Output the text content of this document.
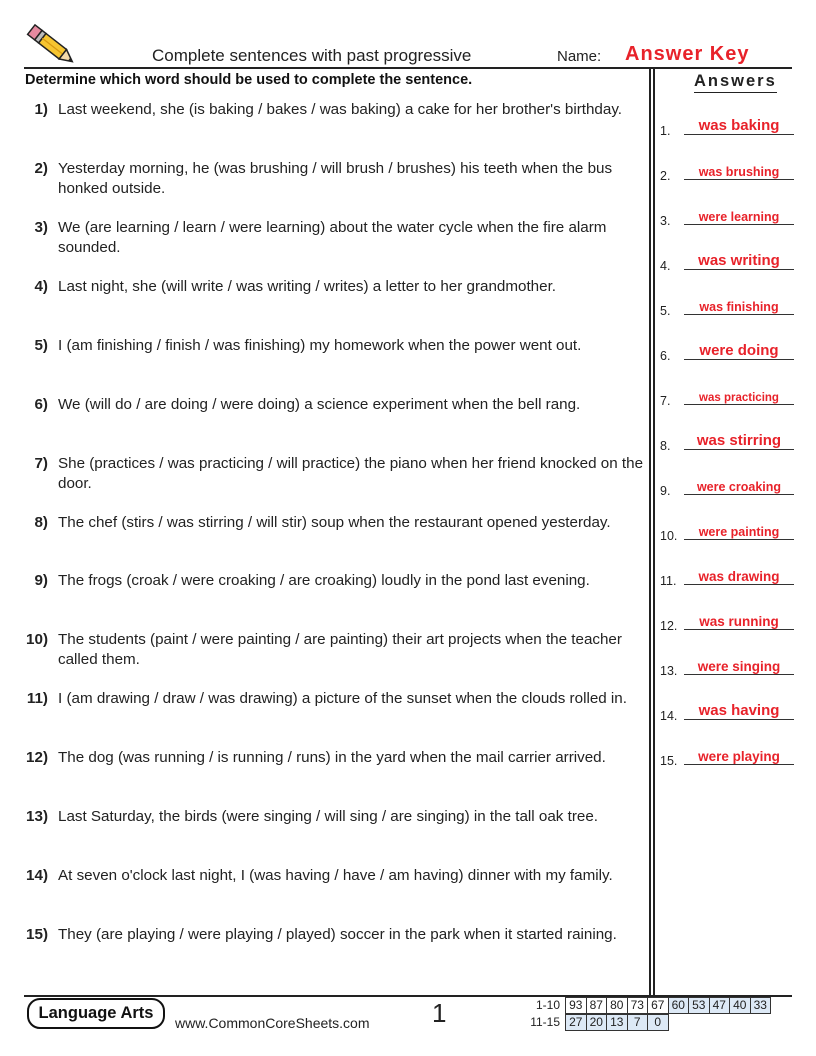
Complete sentences with past progressive	Name: Answer Key
Determine which word should be used to complete the sentence.	Answers
1) Last weekend, she (is baking / bakes / was baking) a cake for her brother's birthday.
2) Yesterday morning, he (was brushing / will brush / brushes) his teeth when the bus honked outside.
3) We (are learning / learn / were learning) about the water cycle when the fire alarm sounded.
4) Last night, she (will write / was writing / writes) a letter to her grandmother.
5) I (am finishing / finish / was finishing) my homework when the power went out.
6) We (will do / are doing / were doing) a science experiment when the bell rang.
7) She (practices / was practicing / will practice) the piano when her friend knocked on the door.
8) The chef (stirs / was stirring / will stir) soup when the restaurant opened yesterday.
9) The frogs (croak / were croaking / are croaking) loudly in the pond last evening.
10) The students (paint / were painting / are painting) their art projects when the teacher called them.
11) I (am drawing / draw / was drawing) a picture of the sunset when the clouds rolled in.
12) The dog (was running / is running / runs) in the yard when the mail carrier arrived.
13) Last Saturday, the birds (were singing / will sing / are singing) in the tall oak tree.
14) At seven o'clock last night, I (was having / have / am having) dinner with my family.
15) They (are playing / were playing / played) soccer in the park when it started raining.
1.	was baking
2.	was brushing
3.	were learning
4.	was writing
5.	was finishing
6.	were doing
7.	was practicing
8.	was stirring
9.	were croaking
10.	were painting
11.	was drawing
12.	was running
13.	were singing
14.	was having
15.	were playing
Language Arts
www.CommonCoreSheets.com 1	1-10 93 87 80 73 67 60 53 47 40 33
11-15 27 20 13 7	0
